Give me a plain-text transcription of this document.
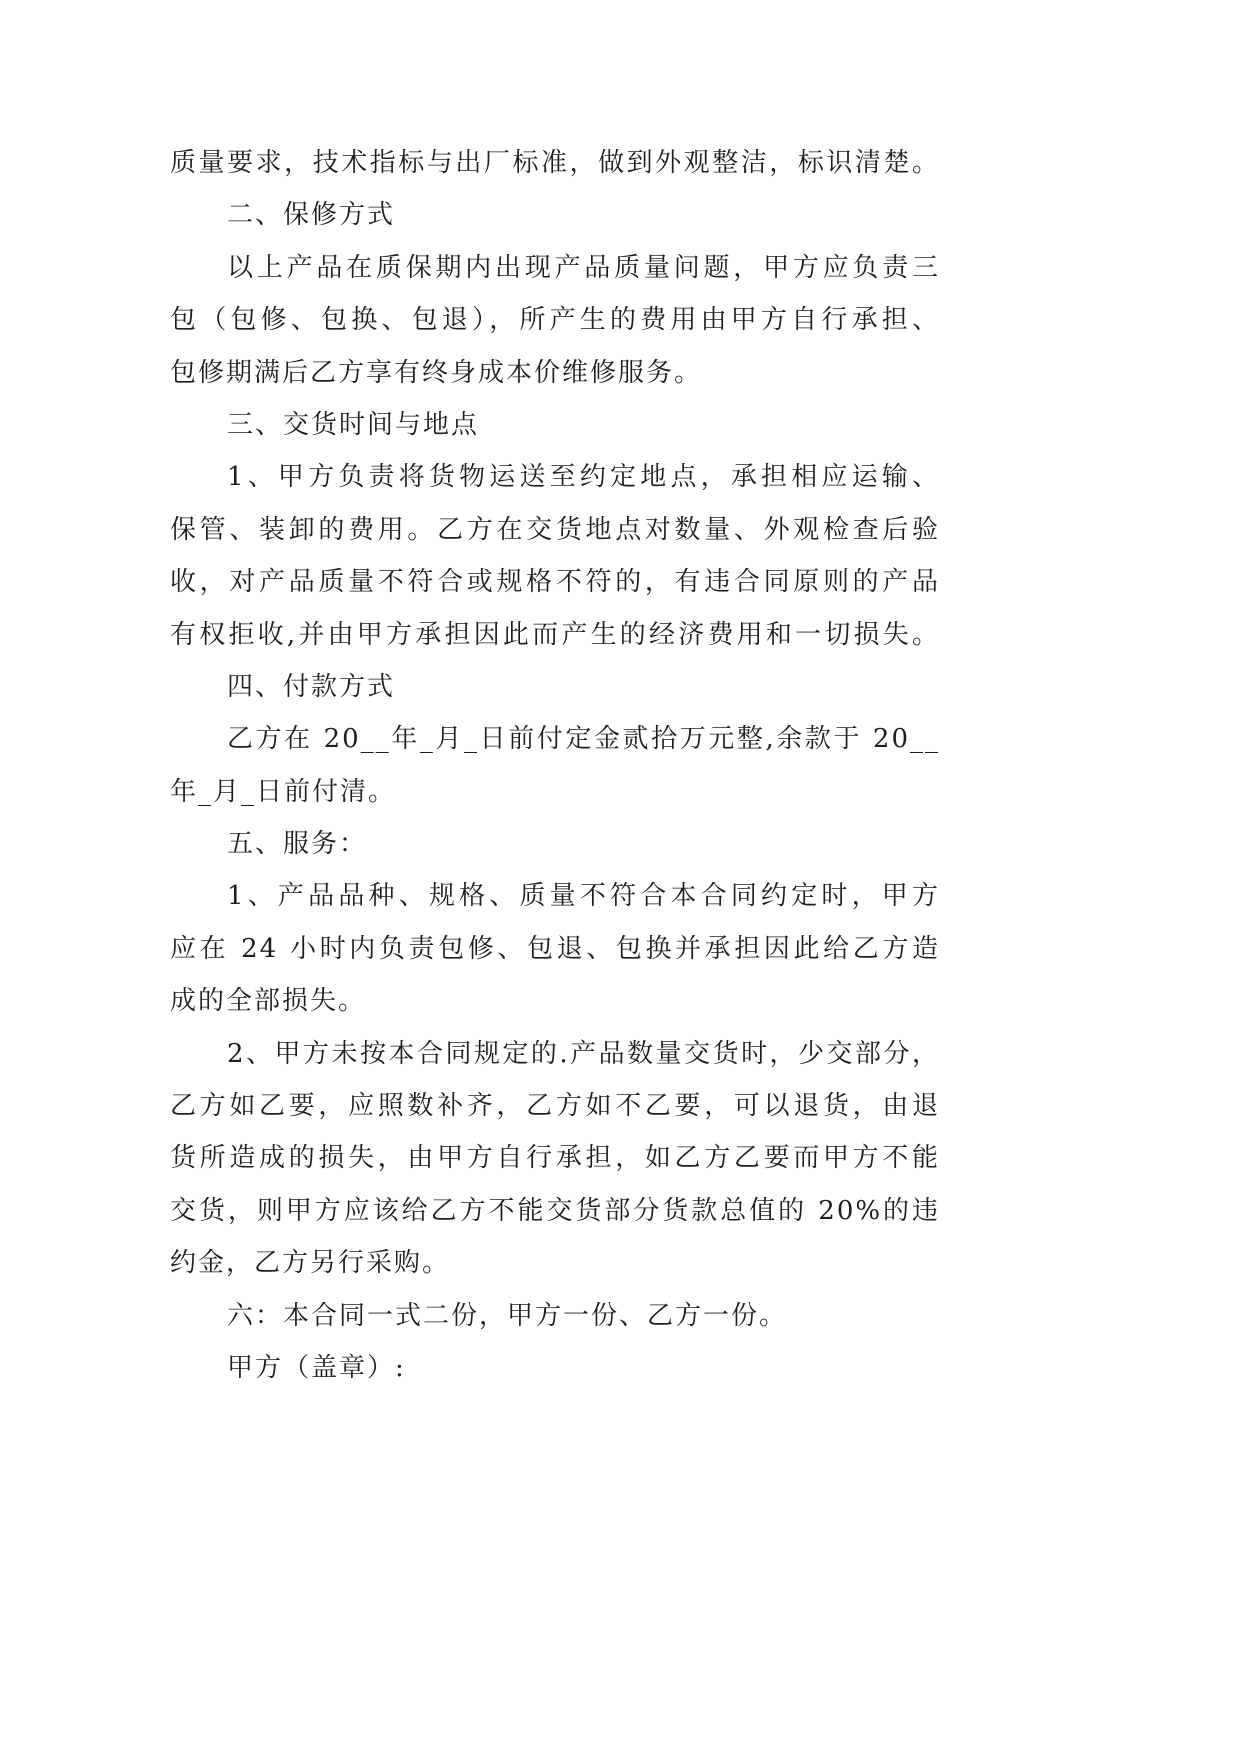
质量要求，技术指标与出厂标准，做到外观整洁，标识清楚。
二、保修方式
以上产品在质保期内出现产品质量问题，甲方应负责三
包（包修、包换、包退），所产生的费用由甲方自行承担、
包修期满后乙方享有终身成本价维修服务。
三、交货时间与地点
1、甲方负责将货物运送至约定地点，承担相应运输、
保管、装卸的费用。乙方在交货地点对数量、外观检查后验
收，对产品质量不符合或规格不符的，有违合同原则的产品
有权拒收,并由甲方承担因此而产生的经济费用和一切损失。
四、付款方式
乙方在 20__年_月_日前付定金贰拾万元整,余款于 20__
年_月_日前付清。
五、服务：
1、产品品种、规格、质量不符合本合同约定时，甲方
应在 24 小时内负责包修、包退、包换并承担因此给乙方造
成的全部损失。
2、甲方未按本合同规定的.产品数量交货时，少交部分，
乙方如乙要，应照数补齐，乙方如不乙要，可以退货，由退
货所造成的损失，由甲方自行承担，如乙方乙要而甲方不能
交货，则甲方应该给乙方不能交货部分货款总值的 20%的违
约金，乙方另行采购。
六：本合同一式二份，甲方一份、乙方一份。
甲方（盖章）:
